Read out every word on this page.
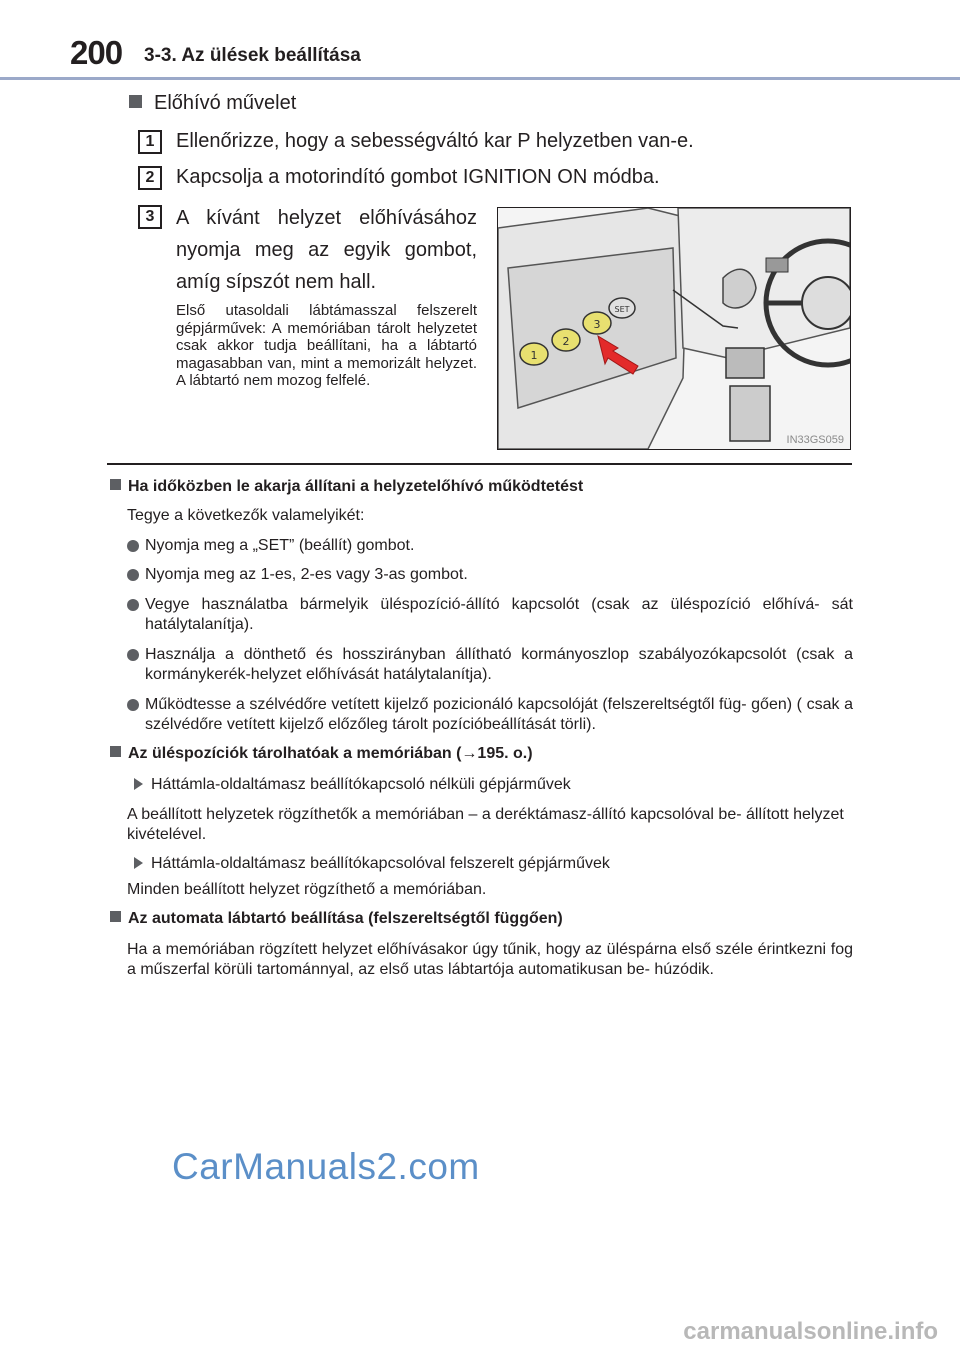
200 3-3. Az ülések beállítása
Előhívó művelet
1	Ellenőrizze, hogy a sebességváltó kar P helyzetben van-e.
2	Kapcsolja a motorindító gombot IGNITION ON módba.
3	A kívánt helyzet előhívásához nyomja meg az egyik gombot, amíg sípszót nem hall.
Első utasoldali lábtámasszal felszerelt gépjárművek: A memóriában tárolt helyzetet csak akkor tudja beállítani, ha a lábtartó magasabban van, mint a memorizált helyzet. A lábtartó nem mozog felfelé.
1
2
3
SET
IN33GS059
Ha időközben le akarja állítani a helyzetelőhívó működtetést
Tegye a következők valamelyikét:
Nyomja meg a „SET” (beállít) gombot.
Nyomja meg az 1-es, 2-es vagy 3-as gombot.
Vegye használatba bármelyik üléspozíció-állító kapcsolót (csak az üléspozíció előhívá- sát hatálytalanítja).
Használja a dönthető és hosszirányban állítható kormányoszlop szabályozókapcsolót (csak a kormánykerék-helyzet előhívását hatálytalanítja).
Működtesse a szélvédőre vetített kijelző pozicionáló kapcsolóját (felszereltségtől füg- gően) ( csak a szélvédőre vetített kijelző előzőleg tárolt pozícióbeállítását törli).
Az üléspozíciók tárolhatóak a memóriában (→195. o.)
Háttámla-oldaltámasz beállítókapcsoló nélküli gépjárművek
A beállított helyzetek rögzíthetők a memóriában – a deréktámasz-állító kapcsolóval be- állított helyzet kivételével.
Háttámla-oldaltámasz beállítókapcsolóval felszerelt gépjárművek
Minden beállított helyzet rögzíthető a memóriában.
Az automata lábtartó beállítása (felszereltségtől függően)
Ha a memóriában rögzített helyzet előhívásakor úgy tűnik, hogy az üléspárna első széle érintkezni fog a műszerfal körüli tartománnyal, az első utas lábtartója automatikusan be- húzódik.
CarManuals2.com
carmanualsonline.info
